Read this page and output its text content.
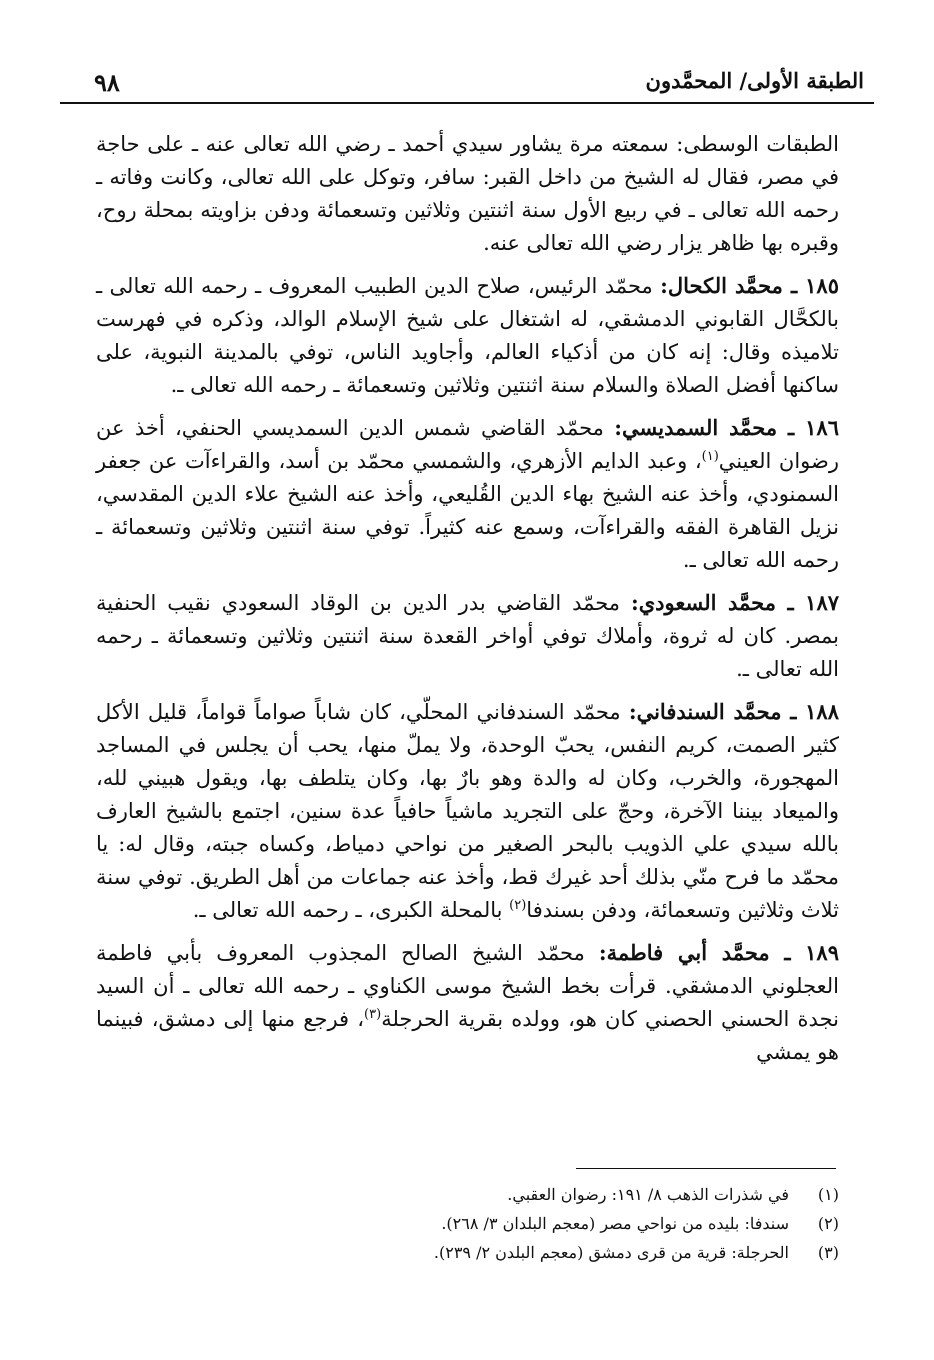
الطبقة الأولى/ المحمَّدون
٩٨

الطبقات الوسطى: سمعته مرة يشاور سيدي أحمد ـ رضي الله تعالى عنه ـ على حاجة في مصر، فقال له الشيخ من داخل القبر: سافر، وتوكل على الله تعالى، وكانت وفاته ـ رحمه الله تعالى ـ في ربيع الأول سنة اثنتين وثلاثين وتسعمائة ودفن بزاويته بمحلة روح، وقبره بها ظاهر يزار رضي الله تعالى عنه.

١٨٥ ـ محمَّد الكحال: محمّد الرئيس، صلاح الدين الطبيب المعروف ـ رحمه الله تعالى ـ بالكحَّال القابوني الدمشقي، له اشتغال على شيخ الإسلام الوالد، وذكره في فهرست تلاميذه وقال: إنه كان من أذكياء العالم، وأجاويد الناس، توفي بالمدينة النبوية، على ساكنها أفضل الصلاة والسلام سنة اثنتين وثلاثين وتسعمائة ـ رحمه الله تعالى ـ.

١٨٦ ـ محمَّد السمديسي: محمّد القاضي شمس الدين السمديسي الحنفي، أخذ عن رضوان العيني$^{(١)}$، وعبد الدايم الأزهري، والشمسي محمّد بن أسد، والقراءآت عن جعفر السمنودي، وأخذ عنه الشيخ بهاء الدين القُليعي، وأخذ عنه الشيخ علاء الدين المقدسي، نزيل القاهرة الفقه والقراءآت، وسمع عنه كثيراً. توفي سنة اثنتين وثلاثين وتسعمائة ـ رحمه الله تعالى ـ.

١٨٧ ـ محمَّد السعودي: محمّد القاضي بدر الدين بن الوقاد السعودي نقيب الحنفية بمصر. كان له ثروة، وأملاك توفي أواخر القعدة سنة اثنتين وثلاثين وتسعمائة ـ رحمه الله تعالى ـ.

١٨٨ ـ محمَّد السندفاني: محمّد السندفاني المحلّي، كان شاباً صواماً قواماً، قليل الأكل كثير الصمت، كريم النفس، يحبّ الوحدة، ولا يملّ منها، يحب أن يجلس في المساجد المهجورة، والخرب، وكان له والدة وهو بارٌ بها، وكان يتلطف بها، ويقول هبيني لله، والميعاد بيننا الآخرة، وحجّ على التجريد ماشياً حافياً عدة سنين، اجتمع بالشيخ العارف بالله سيدي علي الذويب بالبحر الصغير من نواحي دمياط، وكساه جبته، وقال له: يا محمّد ما فرح منّي بذلك أحد غيرك قط، وأخذ عنه جماعات من أهل الطريق. توفي سنة ثلاث وثلاثين وتسعمائة، ودفن بسندفا$^{(٢)}$ بالمحلة الكبرى، ـ رحمه الله تعالى ـ.

١٨٩ ـ محمَّد أبي فاطمة: محمّد الشيخ الصالح المجذوب المعروف بأبي فاطمة العجلوني الدمشقي. قرأت بخط الشيخ موسى الكناوي ـ رحمه الله تعالى ـ أن السيد نجدة الحسني الحصني كان هو، وولده بقرية الحرجلة$^{(٣)}$، فرجع منها إلى دمشق، فبينما هو يمشي

(١)
في شذرات الذهب ٨/ ١٩١: رضوان العقبي.
(٢)
سندفا: بليده من نواحي مصر (معجم البلدان ٣/ ٢٦٨).
(٣)
الحرجلة: قرية من قرى دمشق (معجم البلدن ٢/ ٢٣٩).
